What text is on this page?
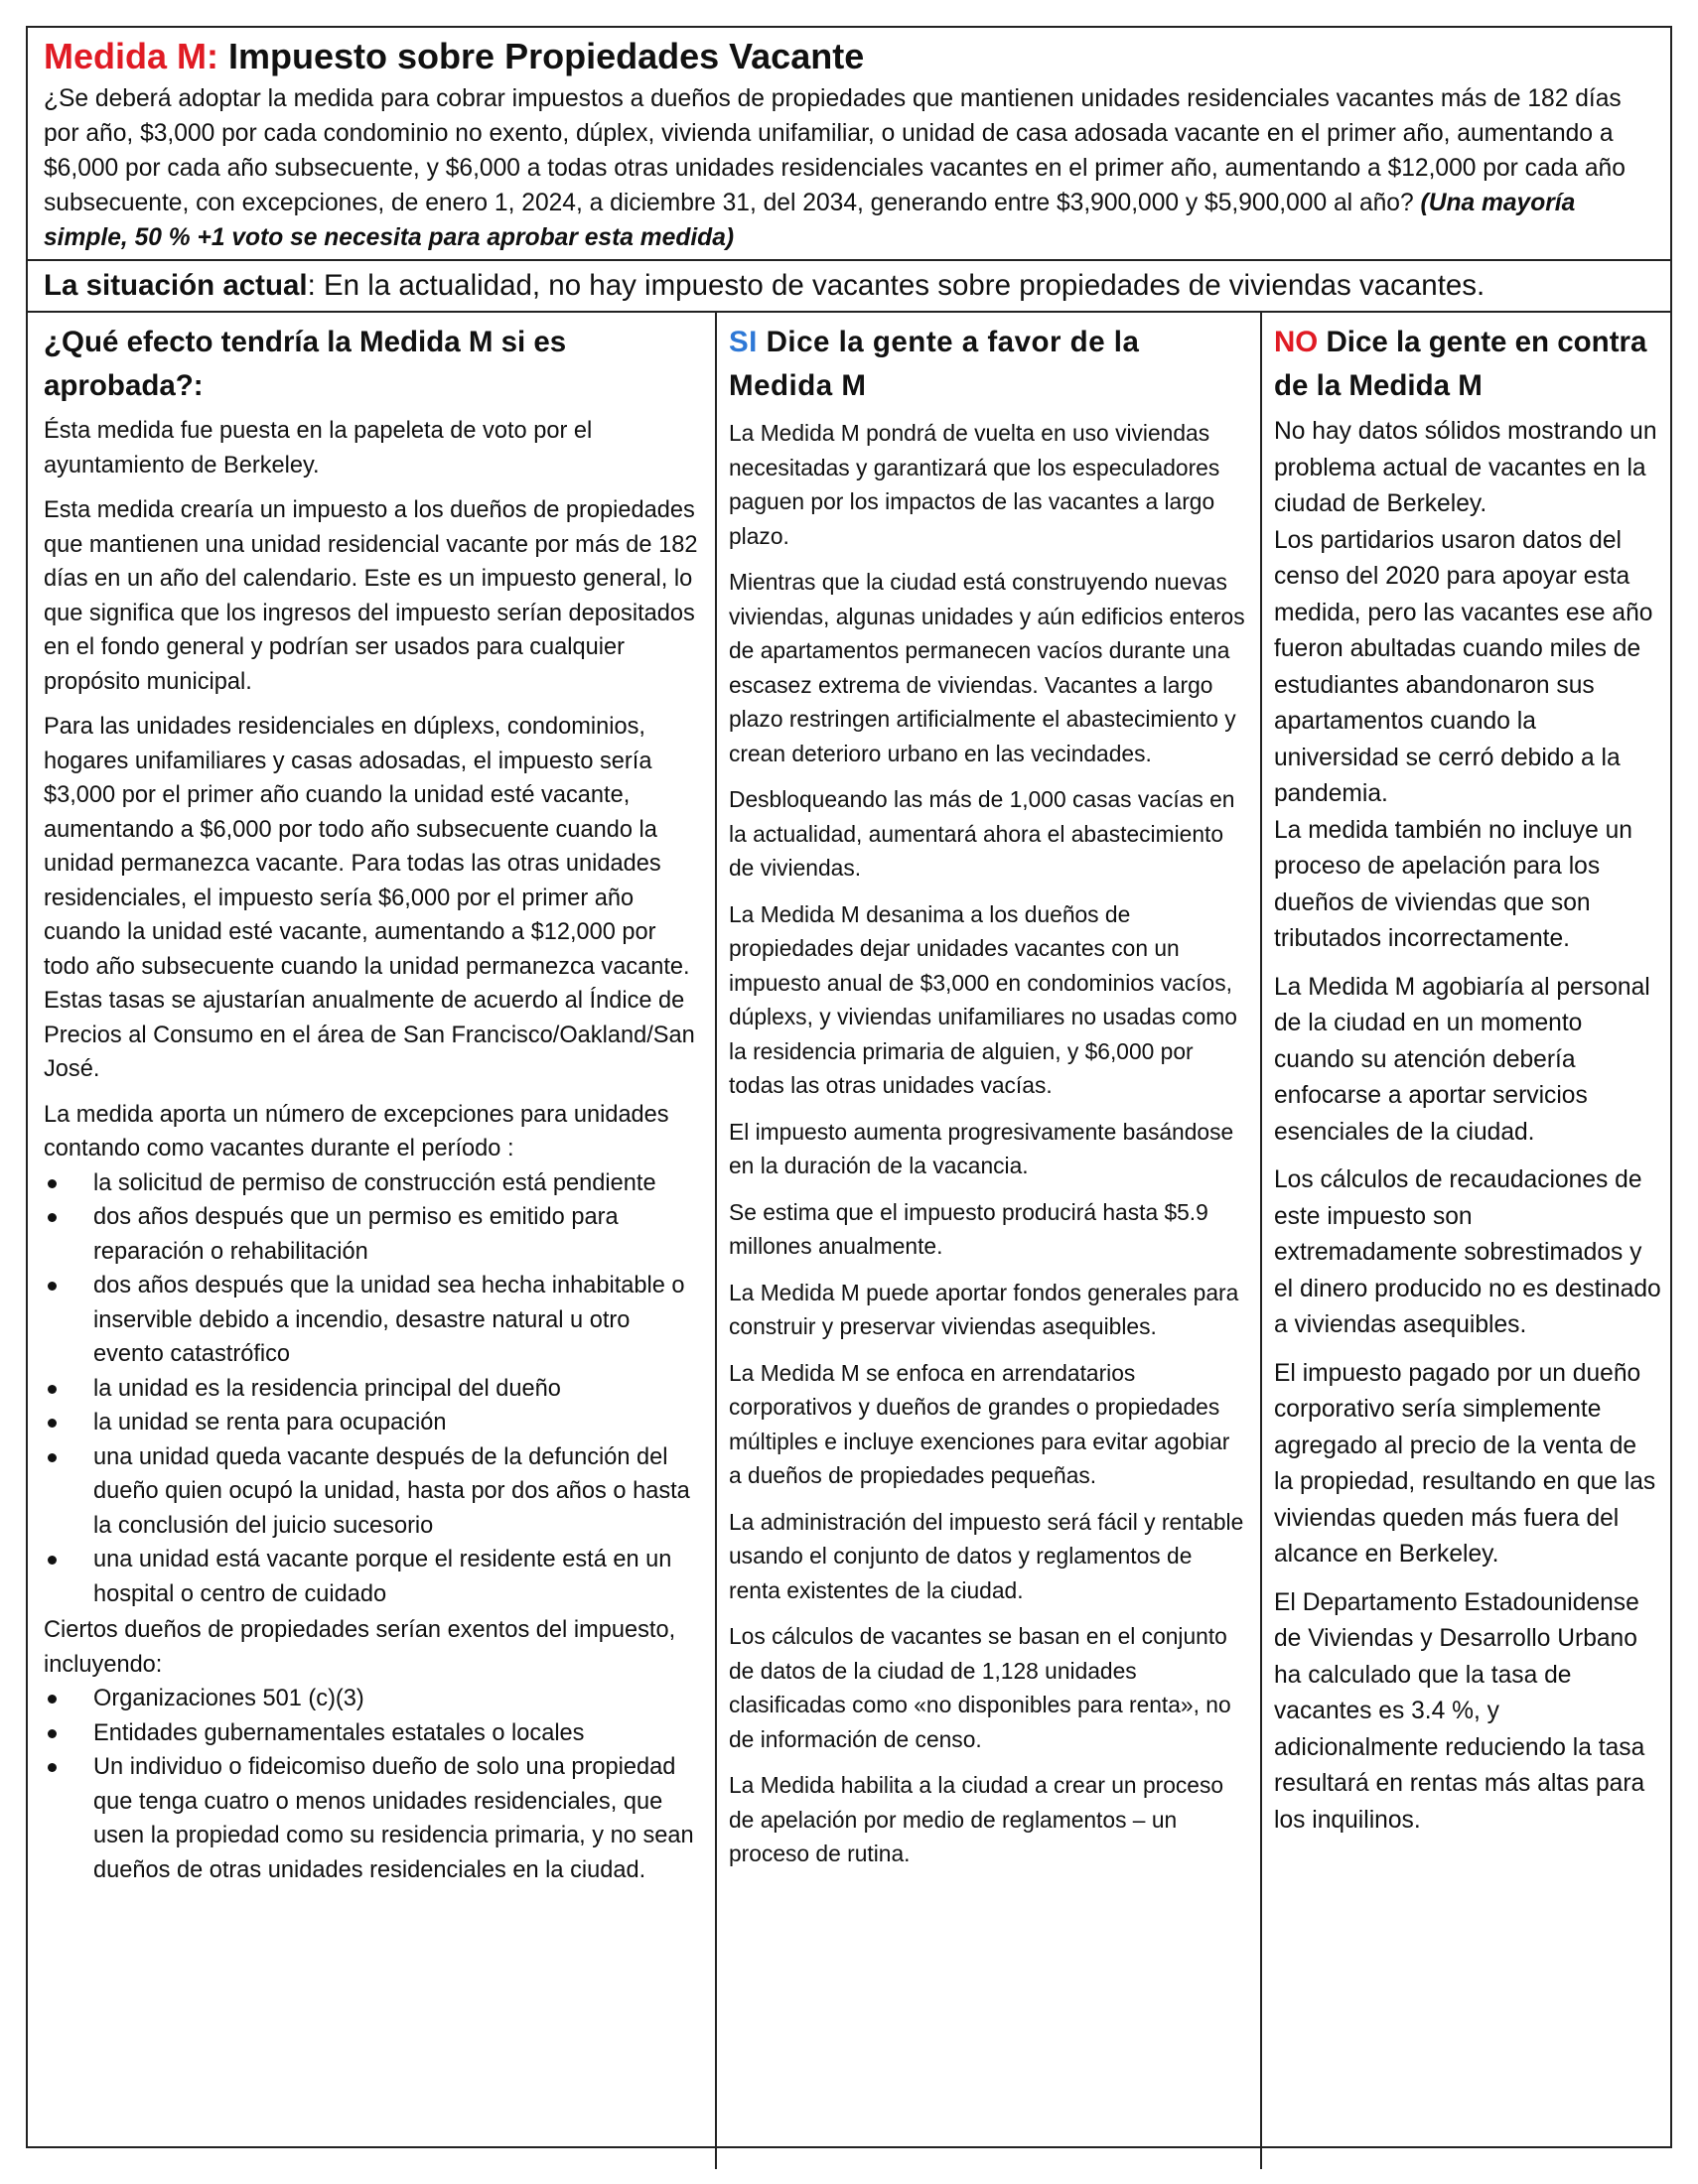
Medida M: Impuesto sobre Propiedades Vacante

¿Se deberá adoptar la medida para cobrar impuestos a dueños de propiedades que mantienen unidades residenciales vacantes más de 182 días por año, $3,000 por cada condominio no exento, dúplex, vivienda unifamiliar, o unidad de casa adosada vacante en el primer año, aumentando a $6,000 por cada año subsecuente, y $6,000 a todas otras unidades residenciales vacantes en el primer año, aumentando a $12,000 por cada año subsecuente, con excepciones, de enero 1, 2024, a diciembre 31, del 2034, generando entre $3,900,000 y $5,900,000 al año? (Una mayoría simple, 50 % +1 voto se necesita para aprobar esta medida)

La situación actual: En la actualidad, no hay impuesto de vacantes sobre propiedades de viviendas vacantes.
¿Qué efecto tendría la Medida M si es aprobada?:

Ésta medida fue puesta en la papeleta de voto por el ayuntamiento de Berkeley.

Esta medida crearía un impuesto a los dueños de propiedades que mantienen una unidad residencial vacante por más de 182 días en un año del calendario. Este es un impuesto general, lo que significa que los ingresos del impuesto serían depositados en el fondo general y podrían ser usados para cualquier propósito municipal.

Para las unidades residenciales en dúplexs, condominios, hogares unifamiliares y casas adosadas, el impuesto sería $3,000 por el primer año cuando la unidad esté vacante, aumentando a $6,000 por todo año subsecuente cuando la unidad permanezca vacante. Para todas las otras unidades residenciales, el impuesto sería $6,000 por el primer año cuando la unidad esté vacante, aumentando a $12,000 por todo año subsecuente cuando la unidad permanezca vacante. Estas tasas se ajustarían anualmente de acuerdo al Índice de Precios al Consumo en el área de San Francisco/Oakland/San José.

La medida aporta un número de excepciones para unidades contando como vacantes durante el período :

la solicitud de permiso de construcción está pendiente
dos años después que un permiso es emitido para reparación o rehabilitación
dos años después que la unidad sea hecha inhabitable o inservible debido a incendio, desastre natural u otro evento catastrófico
la unidad es la residencia principal del dueño
la unidad se renta para ocupación
una unidad queda vacante después de la defunción del dueño quien ocupó la unidad, hasta por dos años o hasta la conclusión del juicio sucesorio
una unidad está vacante porque el residente está en un hospital o centro de cuidado

Ciertos dueños de propiedades serían exentos del impuesto, incluyendo:

Organizaciones 501 (c)(3)
Entidades gubernamentales estatales o locales
Un individuo o fideicomiso dueño de solo una propiedad que tenga cuatro o menos unidades residenciales, que usen la propiedad como su residencia primaria, y no sean dueños de otras unidades residenciales en la ciudad.
SI Dice la gente a favor de la Medida M

La Medida M pondrá de vuelta en uso viviendas necesitadas y garantizará que los especuladores paguen por los impactos de las vacantes a largo plazo.

Mientras que la ciudad está construyendo nuevas viviendas, algunas unidades y aún edificios enteros de apartamentos permanecen vacíos durante una escasez extrema de viviendas. Vacantes a largo plazo restringen artificialmente el abastecimiento y crean deterioro urbano en las vecindades.

Desbloqueando las más de 1,000 casas vacías en la actualidad, aumentará ahora el abastecimiento de viviendas.

La Medida M desanima a los dueños de propiedades dejar unidades vacantes con un impuesto anual de $3,000 en condominios vacíos, dúplexs, y viviendas unifamiliares no usadas como la residencia primaria de alguien, y $6,000 por todas las otras unidades vacías.

El impuesto aumenta progresivamente basándose en la duración de la vacancia.

Se estima que el impuesto producirá hasta $5.9 millones anualmente.

La Medida M puede aportar fondos generales para construir y preservar viviendas asequibles.

La Medida M se enfoca en arrendatarios corporativos y dueños de grandes o propiedades múltiples e incluye exenciones para evitar agobiar a dueños de propiedades pequeñas.

La administración del impuesto será fácil y rentable usando el conjunto de datos y reglamentos de renta existentes de la ciudad.

Los cálculos de vacantes se basan en el conjunto de datos de la ciudad de 1,128 unidades clasificadas como «no disponibles para renta», no de información de censo.

La Medida habilita a la ciudad a crear un proceso de apelación por medio de reglamentos – un proceso de rutina.

NO Dice la gente en contra de la Medida M

No hay datos sólidos mostrando un problema actual de vacantes en la ciudad de Berkeley.

Los partidarios usaron datos del censo del 2020 para apoyar esta medida, pero las vacantes ese año fueron abultadas cuando miles de estudiantes abandonaron sus apartamentos cuando la universidad se cerró debido a la pandemia.

La medida también no incluye un proceso de apelación para los dueños de viviendas que son tributados incorrectamente.

La Medida M agobiaría al personal de la ciudad en un momento cuando su atención debería enfocarse a aportar servicios esenciales de la ciudad.

Los cálculos de recaudaciones de este impuesto son extremadamente sobrestimados y el dinero producido no es destinado a viviendas asequibles.

El impuesto pagado por un dueño corporativo sería simplemente agregado al precio de la venta de la propiedad, resultando en que las viviendas queden más fuera del alcance en Berkeley.

El Departamento Estadounidense de Viviendas y Desarrollo Urbano ha calculado que la tasa de vacantes es 3.4 %, y adicionalmente reduciendo la tasa resultará en rentas más altas para los inquilinos.
